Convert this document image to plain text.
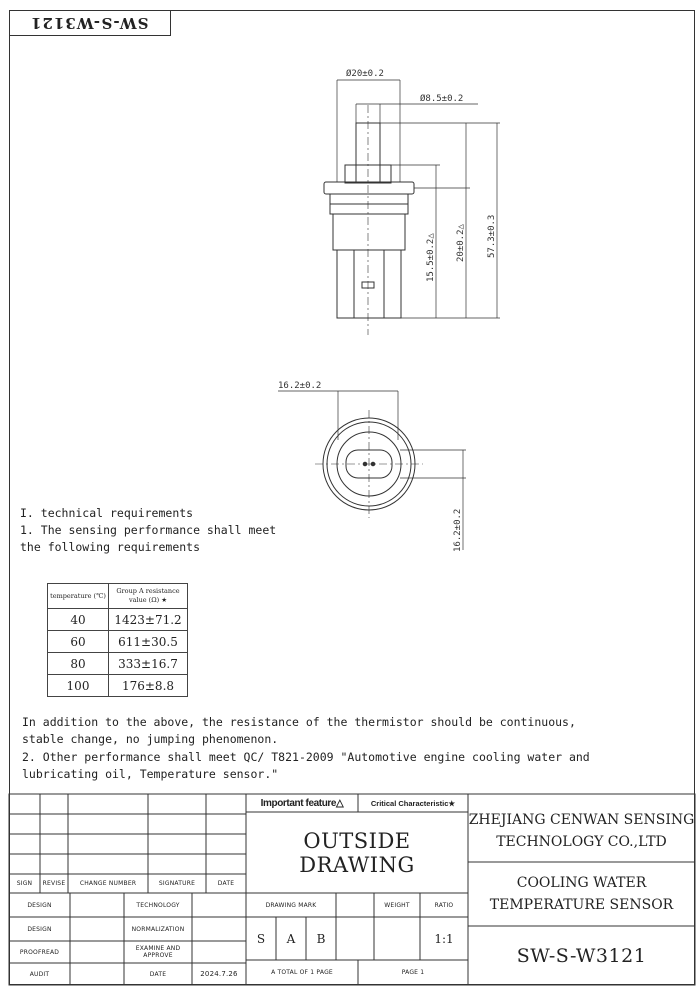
SW-S-W3121
Ø20±0.2
Ø8.5±0.2
15.5±0.2△ 20±0.2△ 57.3±0.3
16.2±0.2
16.2±0.2
I. technical requirements
1. The sensing performance shall meet
the following requirements
temperature (℃)	Group A resistance value (Ω) ★
40	1423±71.2
60	611±30.5
80	333±16.7
100	176±8.8
In addition to the above, the resistance of the thermistor should be continuous,
stable change, no jumping phenomenon.
2. Other performance shall meet QC/ T821-2009 "Automotive engine cooling water and
lubricating oil, Temperature sensor."
SIGN	REVISE	CHANGE NUMBER	SIGNATURE	DATE
DESIGN	TECHNOLOGY
DESIGN	NORMALIZATION
PROOFREAD	EXAMINE AND APPROVE
AUDIT	DATE	2024.7.26
Important feature△	Critical Characteristic★
OUTSIDE DRAWING
DRAWING MARK	WEIGHT	RATIO
S	A	B	1:1
A TOTAL OF 1 PAGE	PAGE 1
ZHEJIANG CENWAN SENSING
TECHNOLOGY CO.,LTD
COOLING WATER
TEMPERATURE SENSOR
SW-S-W3121
